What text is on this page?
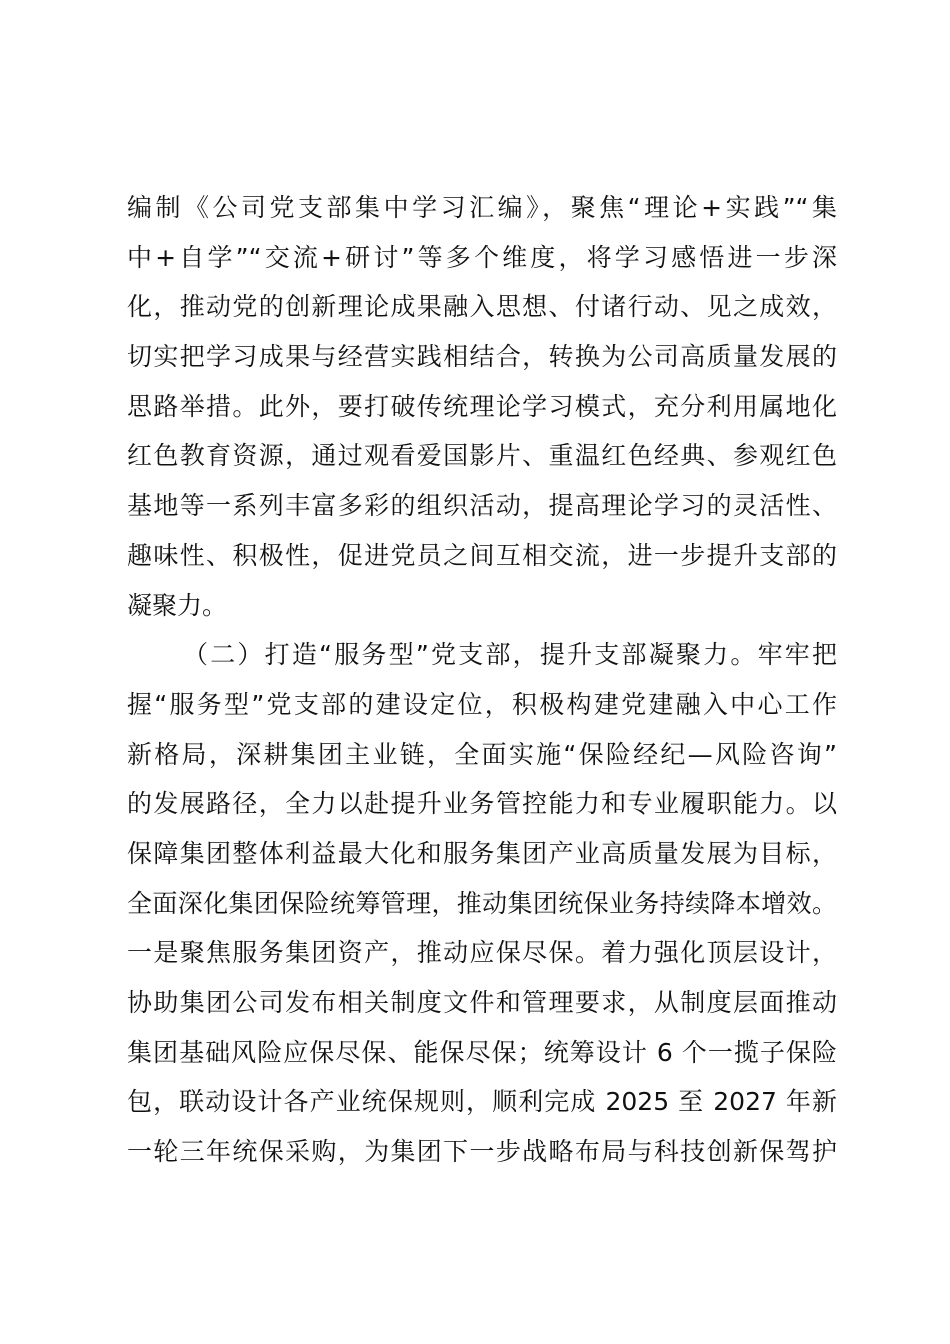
编制《公司党支部集中学习汇编》，聚焦“理论+实践”“集
中+自学”“交流+研讨”等多个维度，将学习感悟进一步深
化，推动党的创新理论成果融入思想、付诸行动、见之成效，
切实把学习成果与经营实践相结合，转换为公司高质量发展的
思路举措。此外，要打破传统理论学习模式，充分利用属地化
红色教育资源，通过观看爱国影片、重温红色经典、参观红色
基地等一系列丰富多彩的组织活动，提高理论学习的灵活性、
趣味性、积极性，促进党员之间互相交流，进一步提升支部的
凝聚力。
（二）打造“服务型”党支部，提升支部凝聚力。牢牢把
握“服务型”党支部的建设定位，积极构建党建融入中心工作
新格局，深耕集团主业链，全面实施“保险经纪—风险咨询”
的发展路径，全力以赴提升业务管控能力和专业履职能力。以
保障集团整体利益最大化和服务集团产业高质量发展为目标，
全面深化集团保险统筹管理，推动集团统保业务持续降本增效。
一是聚焦服务集团资产，推动应保尽保。着力强化顶层设计，
协助集团公司发布相关制度文件和管理要求，从制度层面推动
集团基础风险应保尽保、能保尽保；统筹设计 6 个一揽子保险
包，联动设计各产业统保规则，顺利完成 2025 至 2027 年新
一轮三年统保采购，为集团下一步战略布局与科技创新保驾护
